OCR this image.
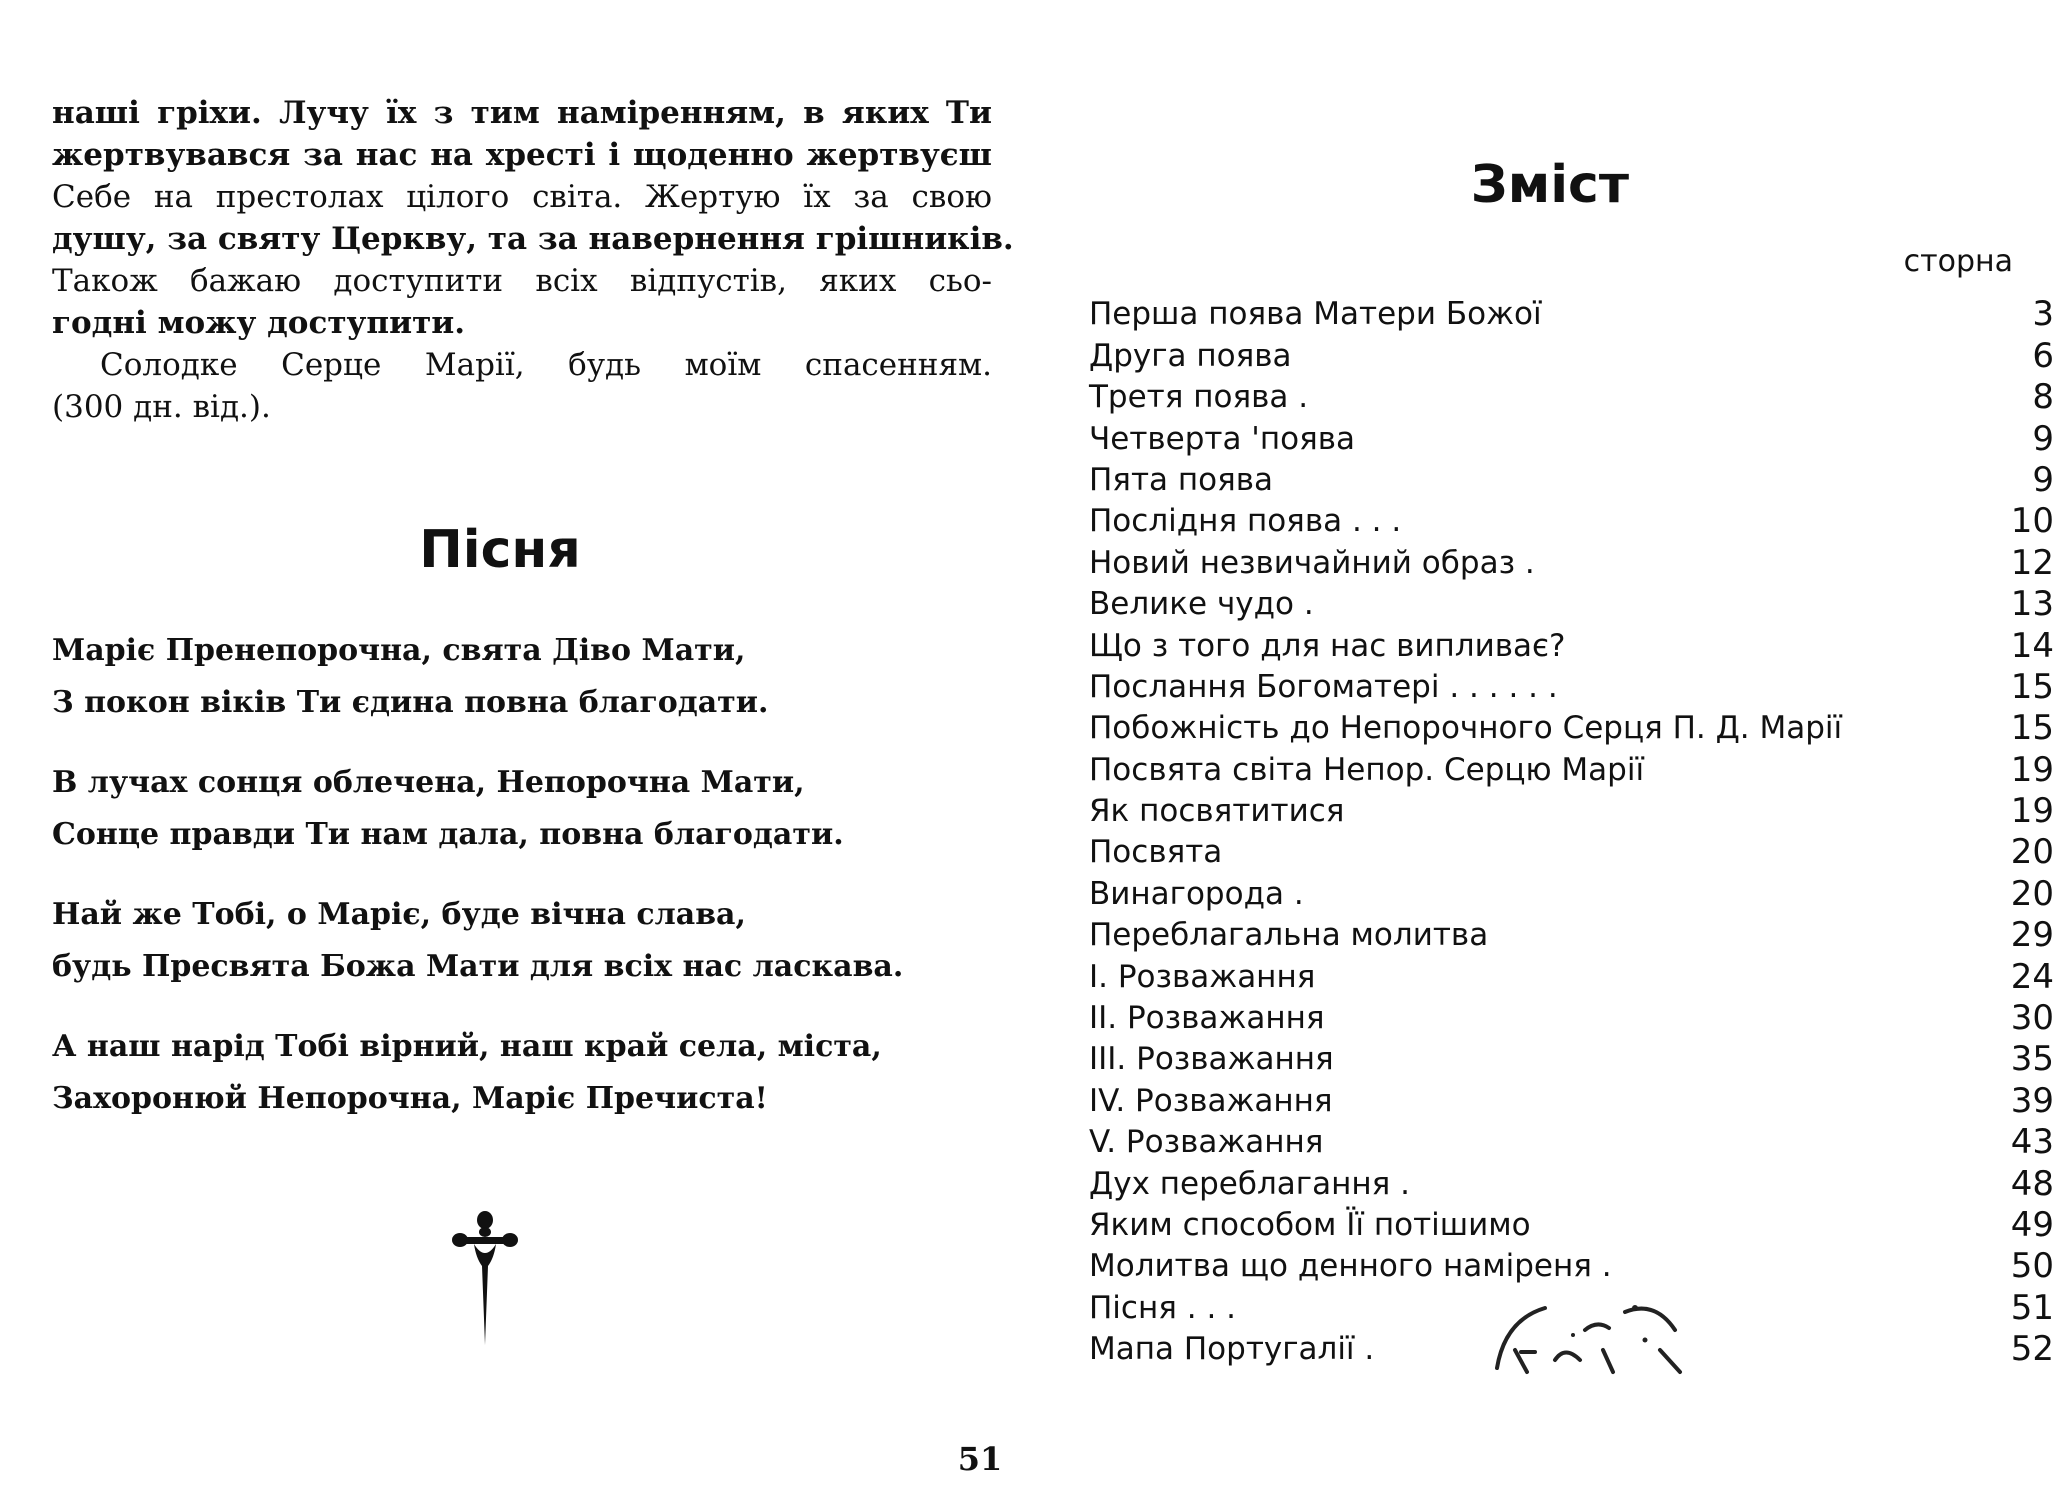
наші гріхи. Лучу їх з тим наміренням, в яких Ти
жертвувався за нас на хресті і щоденно жертвуєш
Себе на престолах цілого світа. Жертую їх за свою
душу, за святу Церкву, та за навернення грішників.
Також бажаю доступити всіх відпустів, яких сьо-
годні можу доступити.
Солодке Серце Марії, будь моїм спасенням.
(300 дн. від.).
Пісня
Маріє Пренепорочна, свята Діво Мати,
З покон віків Ти єдина повна благодати.
В лучах сонця облечена, Непорочна Мати,
Сонце правди Ти нам дала, повна благодати.
Най же Тобі, о Маріє, буде вічна слава,
будь Пресвята Божа Мати для всіх нас ласкава.
А наш нарід Тобі вірний, наш край села, міста,
Захоронюй Непорочна, Маріє Пречиста!
51
Зміст
сторна
Перша поява Матери Божої	3
Друга поява	6
Третя поява .	8
Четверта 'поява	9
Пята поява	9
Послідня поява . . .	10
Новий незвичайний образ .	12
Велике чудо .	13
Що з того для нас випливає?	14
Послання Богоматері . . . . . .	15
Побожність до Непорочного Серця П. Д. Марії	15
Посвята світа Непор. Серцю Марії	19
Як посвятитися	19
Посвята	20
Винагорода .	20
Переблагальна молитва	29
І. Розважання	24
ІІ. Розважання	30
ІІІ. Розважання	35
IV. Розважання	39
V. Розважання	43
Дух переблагання .	48
Яким способом Її потішимо	49
Молитва що денного наміреня .	50
Пісня . . .	51
Мапа Португалії .	52
